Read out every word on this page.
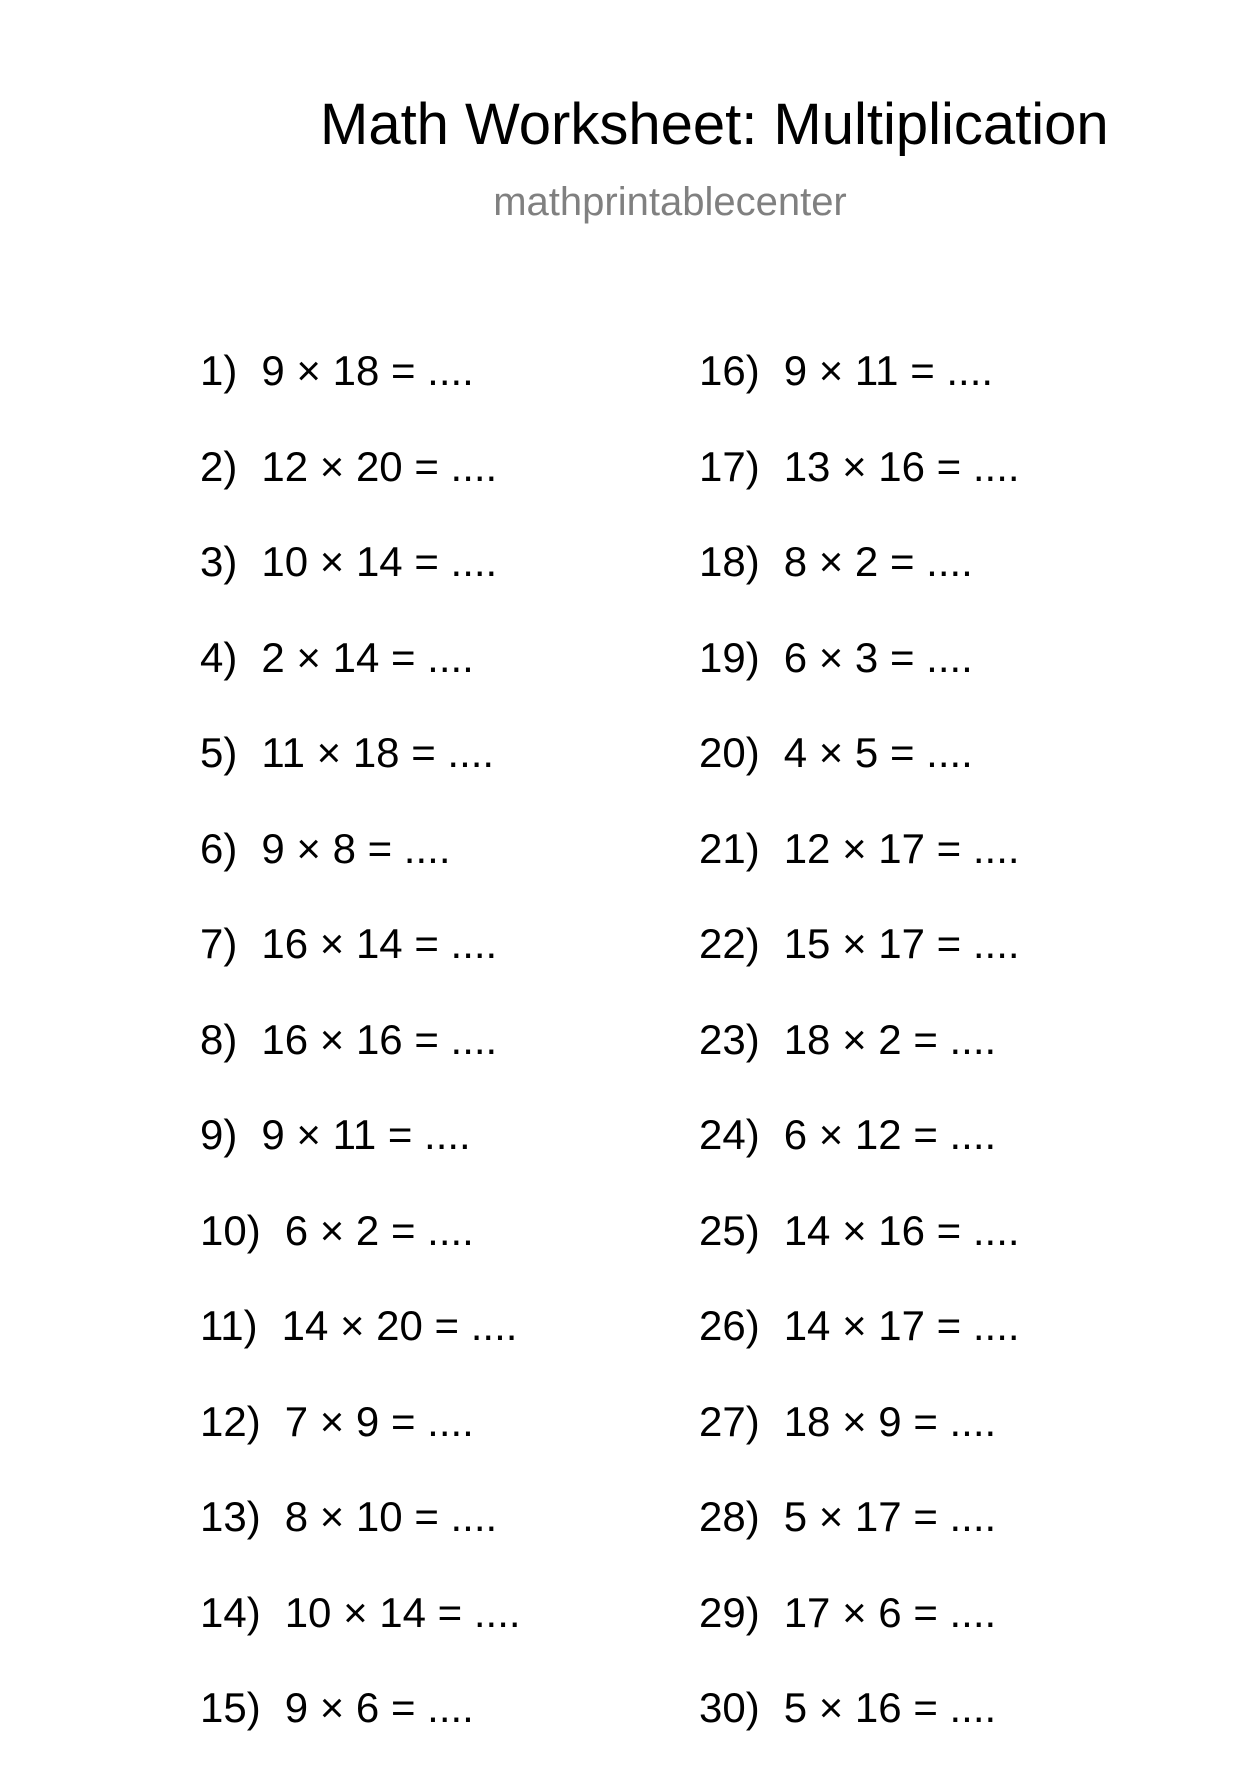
Math Worksheet: Multiplication
mathprintablecenter
1) 9 × 18 = ....
2) 12 × 20 = ....
3) 10 × 14 = ....
4) 2 × 14 = ....
5) 11 × 18 = ....
6) 9 × 8 = ....
7) 16 × 14 = ....
8) 16 × 16 = ....
9) 9 × 11 = ....
10) 6 × 2 = ....
11) 14 × 20 = ....
12) 7 × 9 = ....
13) 8 × 10 = ....
14) 10 × 14 = ....
15) 9 × 6 = ....
16) 9 × 11 = ....
17) 13 × 16 = ....
18) 8 × 2 = ....
19) 6 × 3 = ....
20) 4 × 5 = ....
21) 12 × 17 = ....
22) 15 × 17 = ....
23) 18 × 2 = ....
24) 6 × 12 = ....
25) 14 × 16 = ....
26) 14 × 17 = ....
27) 18 × 9 = ....
28) 5 × 17 = ....
29) 17 × 6 = ....
30) 5 × 16 = ....
